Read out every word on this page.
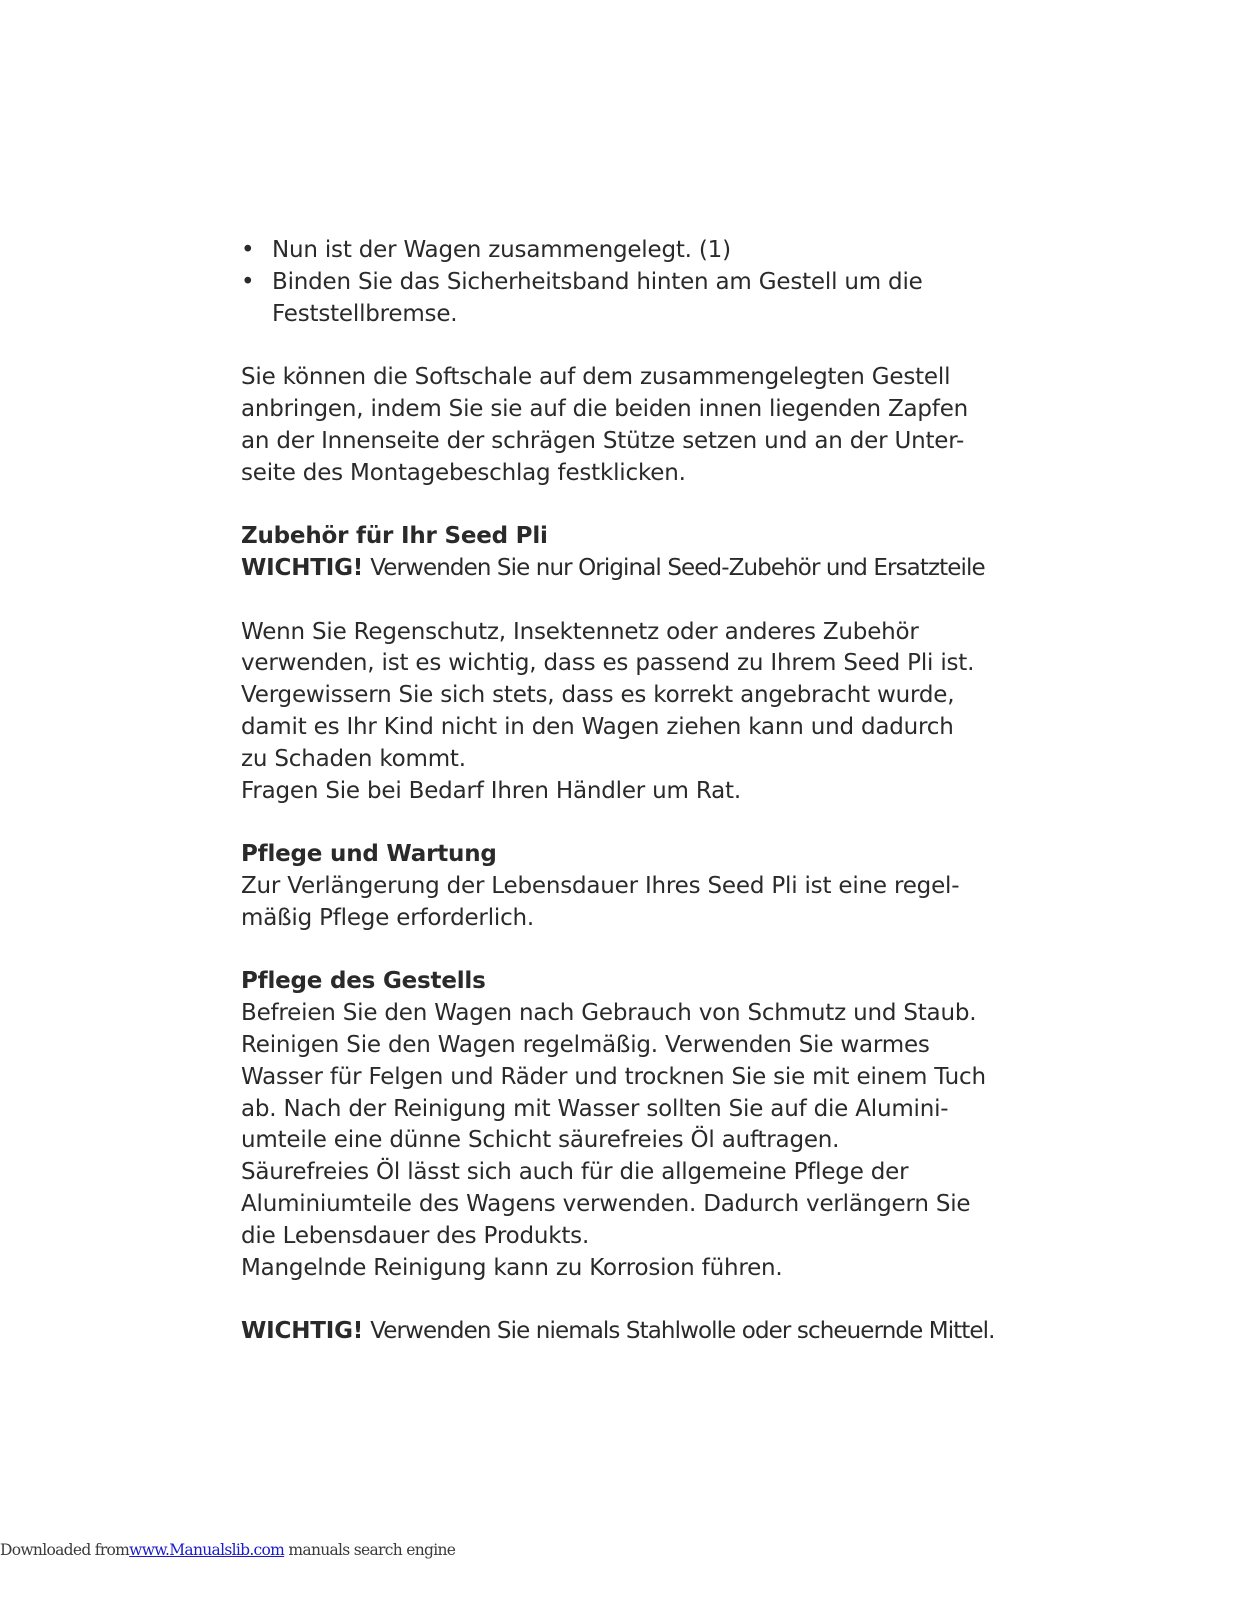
• Nun ist der Wagen zusammengelegt. (1)
• Binden Sie das Sicherheitsband hinten am Gestell um die
Feststellbremse.
Sie können die Softschale auf dem zusammengelegten Gestell
anbringen, indem Sie sie auf die beiden innen liegenden Zapfen
an der Innenseite der schrägen Stütze setzen und an der Unter-
seite des Montagebeschlag festklicken.
Zubehör für Ihr Seed Pli
WICHTIG! Verwenden Sie nur Original Seed-Zubehör und Ersatzteile
Wenn Sie Regenschutz, Insektennetz oder anderes Zubehör
verwenden, ist es wichtig, dass es passend zu Ihrem Seed Pli ist.
Vergewissern Sie sich stets, dass es korrekt angebracht wurde,
damit es Ihr Kind nicht in den Wagen ziehen kann und dadurch
zu Schaden kommt.
Fragen Sie bei Bedarf Ihren Händler um Rat.
Pflege und Wartung
Zur Verlängerung der Lebensdauer Ihres Seed Pli ist eine regel-
mäßig Pflege erforderlich.
Pflege des Gestells
Befreien Sie den Wagen nach Gebrauch von Schmutz und Staub.
Reinigen Sie den Wagen regelmäßig. Verwenden Sie warmes
Wasser für Felgen und Räder und trocknen Sie sie mit einem Tuch
ab. Nach der Reinigung mit Wasser sollten Sie auf die Alumini-
umteile eine dünne Schicht säurefreies Öl auftragen.
Säurefreies Öl lässt sich auch für die allgemeine Pflege der
Aluminiumteile des Wagens verwenden. Dadurch verlängern Sie
die Lebensdauer des Produkts.
Mangelnde Reinigung kann zu Korrosion führen.
WICHTIG! Verwenden Sie niemals Stahlwolle oder scheuernde Mittel.
Downloaded fromwww.Manualslib.com manuals search engine
